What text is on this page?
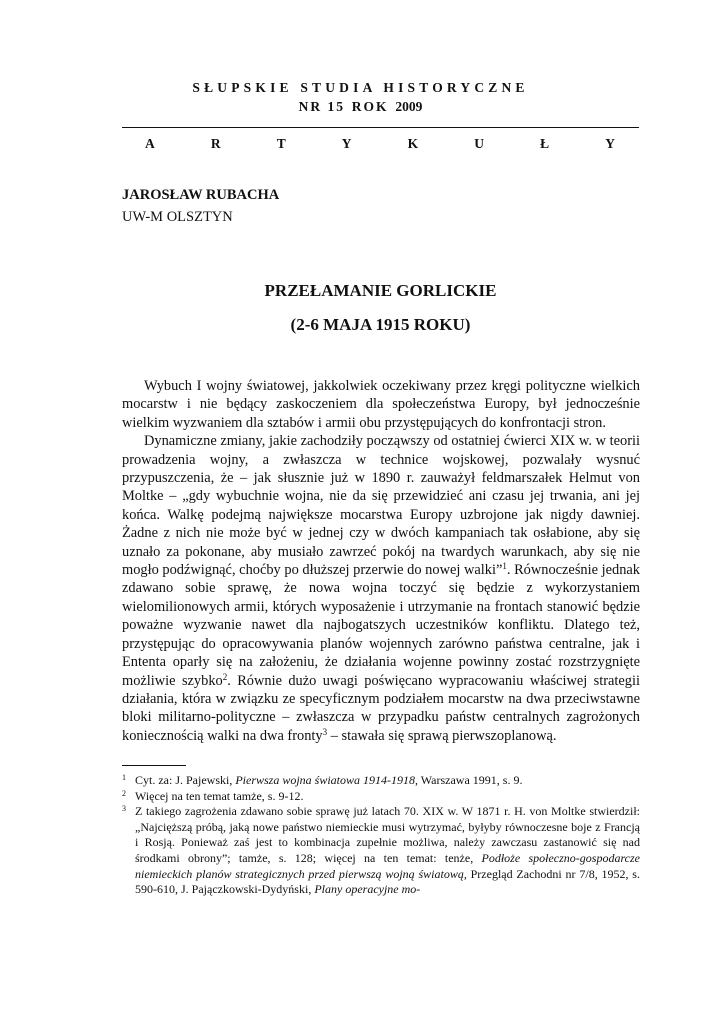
SŁUPSKIE STUDIA HISTORYCZNE
NR 15 ROK 2009
A	R	T	Y	K	U	Ł	Y
JAROSŁAW RUBACHA
UW-M OLSZTYN
PRZEŁAMANIE GORLICKIE
(2-6 MAJA 1915 ROKU)

Wybuch I wojny światowej, jakkolwiek oczekiwany przez kręgi polityczne wielkich mocarstw i nie będący zaskoczeniem dla społeczeństwa Europy, był jednocześnie wielkim wyzwaniem dla sztabów i armii obu przystępujących do konfrontacji stron.

Dynamiczne zmiany, jakie zachodziły począwszy od ostatniej ćwierci XIX w. w teorii prowadzenia wojny, a zwłaszcza w technice wojskowej, pozwalały wysnuć przypuszczenia, że – jak słusznie już w 1890 r. zauważył feldmarszałek Helmut von Moltke – „gdy wybuchnie wojna, nie da się przewidzieć ani czasu jej trwania, ani jej końca. Walkę podejmą największe mocarstwa Europy uzbrojone jak nigdy dawniej. Żadne z nich nie może być w jednej czy w dwóch kampaniach tak osłabione, aby się uznało za pokonane, aby musiało zawrzeć pokój na twardych warunkach, aby się nie mogło podźwignąć, choćby po dłuższej przerwie do nowej walki”$^1$. Równocześnie jednak zdawano sobie sprawę, że nowa wojna toczyć się będzie z wykorzystaniem wielomilionowych armii, których wyposażenie i utrzymanie na frontach stanowić będzie poważne wyzwanie nawet dla najbogatszych uczestników konfliktu. Dlatego też, przystępując do opracowywania planów wojennych zarówno państwa centralne, jak i Ententa oparły się na założeniu, że działania wojenne powinny zostać rozstrzygnięte możliwie szybko$^2$. Równie dużo uwagi poświęcano wypracowaniu właściwej strategii działania, która w związku ze specyficznym podziałem mocarstw na dwa przeciwstawne bloki militarno-polityczne – zwłaszcza w przypadku państw centralnych zagrożonych koniecznością walki na dwa fronty$^3$ – stawała się sprawą pierwszoplanową.

$^1$ Cyt. za: J. Pajewski, Pierwsza wojna światowa 1914-1918, Warszawa 1991, s. 9.

$^2$ Więcej na ten temat tamże, s. 9-12.

$^3$ Z takiego zagrożenia zdawano sobie sprawę już latach 70. XIX w. W 1871 r. H. von Moltke stwierdził: „Najcięższą próbą, jaką nowe państwo niemieckie musi wytrzymać, byłyby równoczesne boje z Francją i Rosją. Ponieważ zaś jest to kombinacja zupełnie możliwa, należy zawczasu zastanowić się nad środkami obrony”; tamże, s. 128; więcej na ten temat: tenże, Podłoże społeczno-gospodarcze niemieckich planów strategicznych przed pierwszą wojną światową, Przegląd Zachodni nr 7/8, 1952, s. 590-610, J. Pajączkowski-Dydyński, Plany operacyjne mo-
